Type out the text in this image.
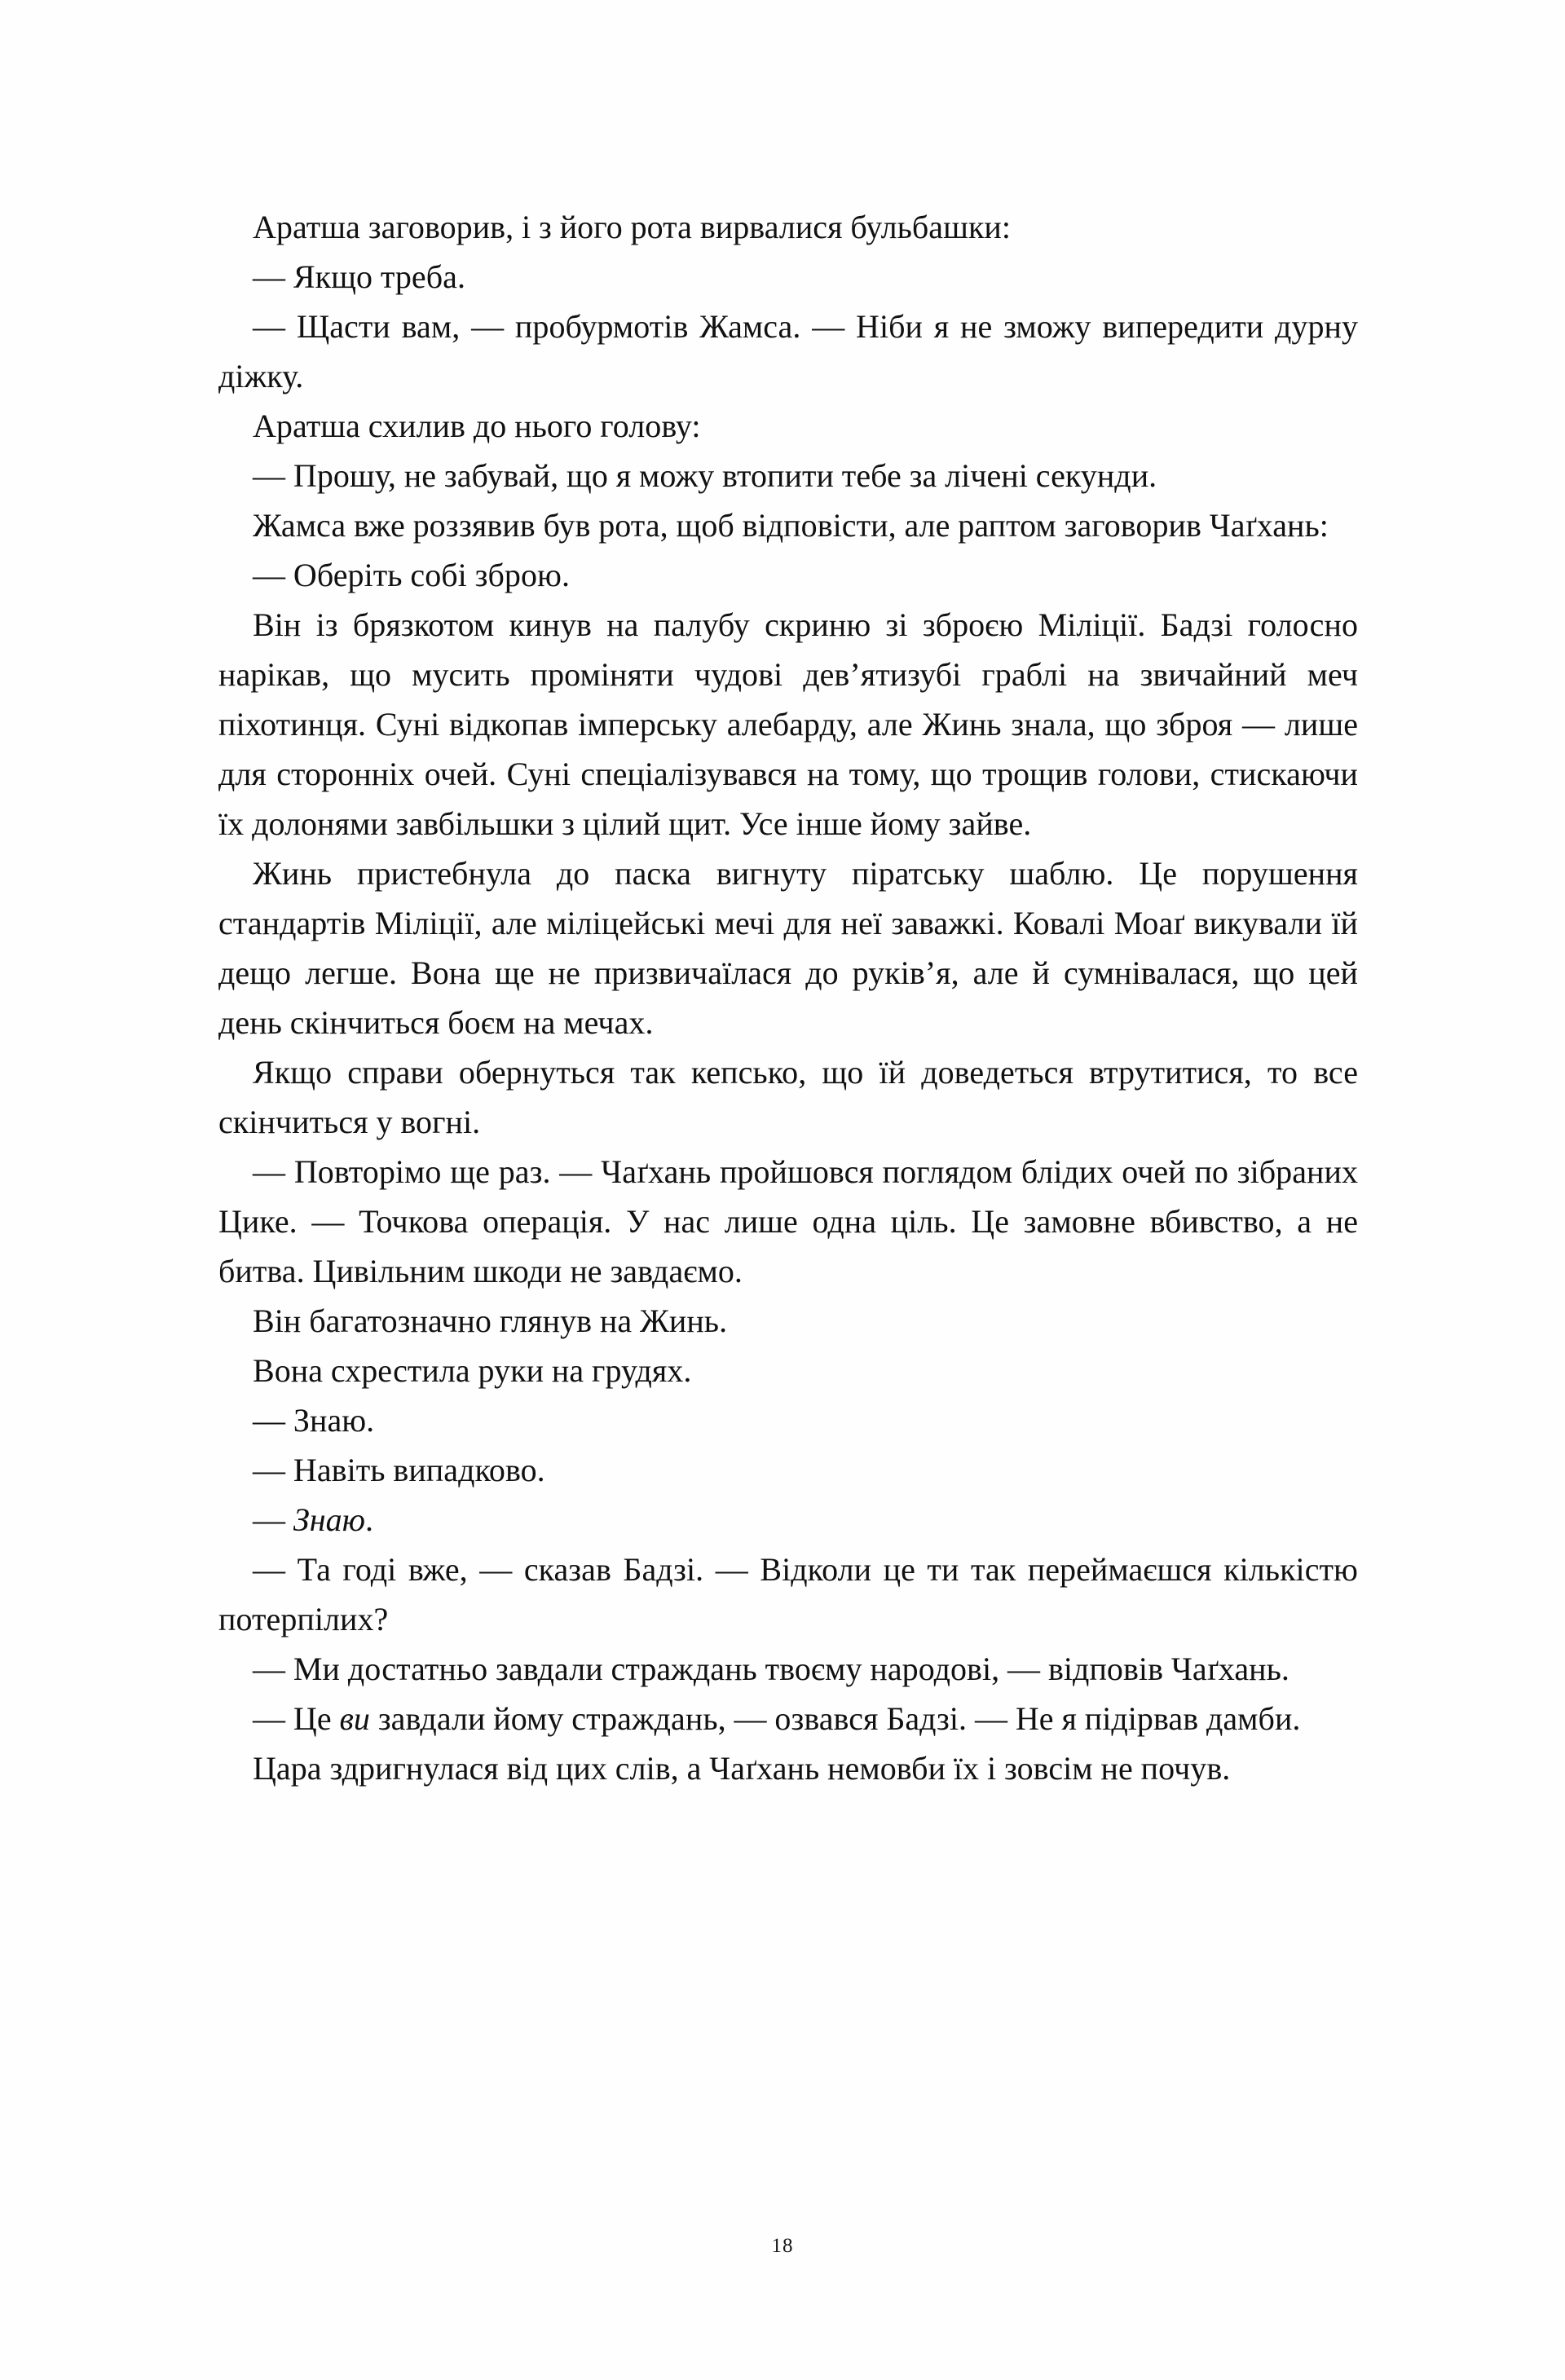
Аратша заговорив, і з його рота вирвалися бульбашки:

— Якщо треба.

— Щасти вам, — пробурмотів Жамса. — Ніби я не зможу випередити дурну діжку.

Аратша схилив до нього голову:

— Прошу, не забувай, що я можу втопити тебе за лічені секунди.

Жамса вже роззявив був рота, щоб відповісти, але раптом заговорив Чаґхань:

— Оберіть собі зброю.

Він із брязкотом кинув на палубу скриню зі зброєю Міліції. Бадзі голосно нарікав, що мусить проміняти чудові дев’ятизубі граблі на звичайний меч піхотинця. Суні відкопав імперську алебарду, але Жинь знала, що зброя — лише для сторонніх очей. Суні спеціалізувався на тому, що трощив голови, стискаючи їх долонями завбільшки з цілий щит. Усе інше йому зайве.

Жинь пристебнула до паска вигнуту піратську шаблю. Це порушення стандартів Міліції, але міліцейські мечі для неї заважкі. Ковалі Моаґ викували їй дещо легше. Вона ще не призвичаїлася до руків’я, але й сумнівалася, що цей день скінчиться боєм на мечах.

Якщо справи обернуться так кепсько, що їй доведеться втрутитися, то все скінчиться у вогні.

— Повторімо ще раз. — Чаґхань пройшовся поглядом блідих очей по зібраних Цике. — Точкова операція. У нас лише одна ціль. Це замовне вбивство, а не битва. Цивільним шкоди не завдаємо.

Він багатозначно глянув на Жинь.

Вона схрестила руки на грудях.

— Знаю.

— Навіть випадково.

— Знаю.

— Та годі вже, — сказав Бадзі. — Відколи це ти так переймаєшся кількістю потерпілих?

— Ми достатньо завдали страждань твоєму народові, — відповів Чаґхань.

— Це ви завдали йому страждань, — озвався Бадзі. — Не я підірвав дамби.

Цара здригнулася від цих слів, а Чаґхань немовби їх і зовсім не почув.

18
